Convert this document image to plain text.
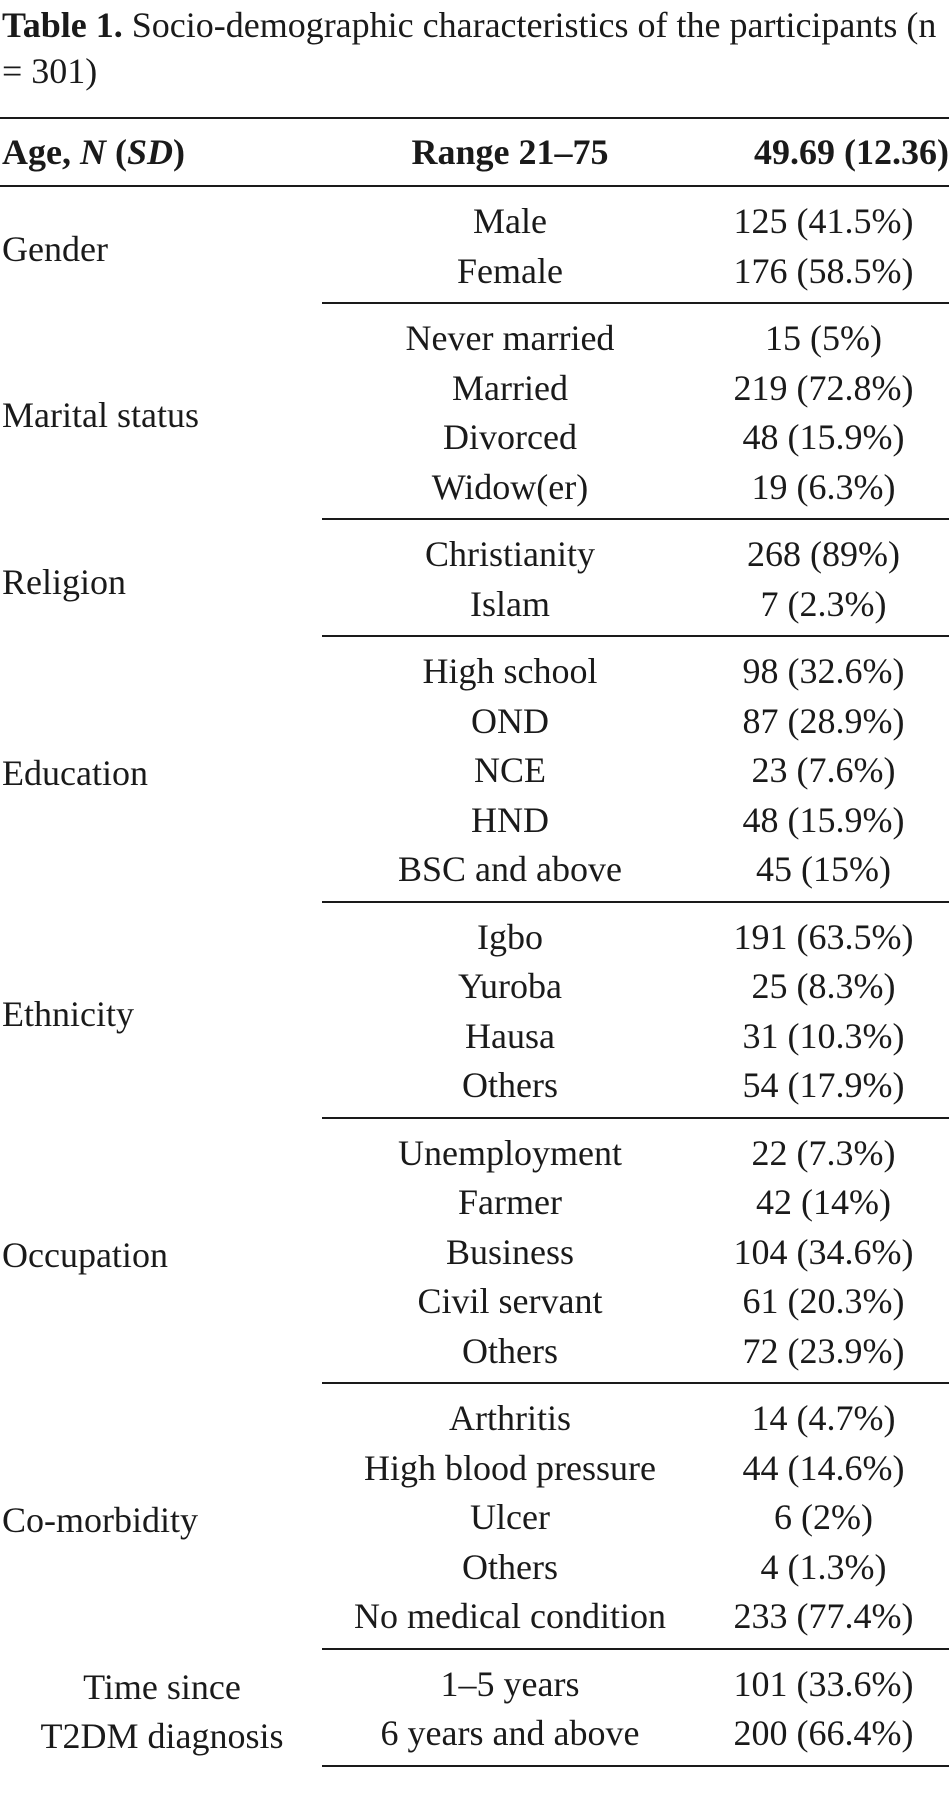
Table 1. Socio-demographic characteristics of the participants (n = 301)

Age, N (SD)	Range 21–75	49.69 (12.36)
Gender	Male	125 (41.5%)
	Female	176 (58.5%)
Marital status	Never married	15 (5%)
	Married	219 (72.8%)
	Divorced	48 (15.9%)
	Widow(er)	19 (6.3%)
Religion	Christianity	268 (89%)
	Islam	7 (2.3%)
Education	High school	98 (32.6%)
	OND	87 (28.9%)
	NCE	23 (7.6%)
	HND	48 (15.9%)
	BSC and above	45 (15%)
Ethnicity	Igbo	191 (63.5%)
	Yuroba	25 (8.3%)
	Hausa	31 (10.3%)
	Others	54 (17.9%)
Occupation	Unemployment	22 (7.3%)
	Farmer	42 (14%)
	Business	104 (34.6%)
	Civil servant	61 (20.3%)
	Others	72 (23.9%)
Co-morbidity	Arthritis	14 (4.7%)
	High blood pressure	44 (14.6%)
	Ulcer	6 (2%)
	Others	4 (1.3%)
	No medical condition	233 (77.4%)

Time since
T2DM diagnosis	1–5 years	101 (33.6%)
	6 years and above	200 (66.4%)
